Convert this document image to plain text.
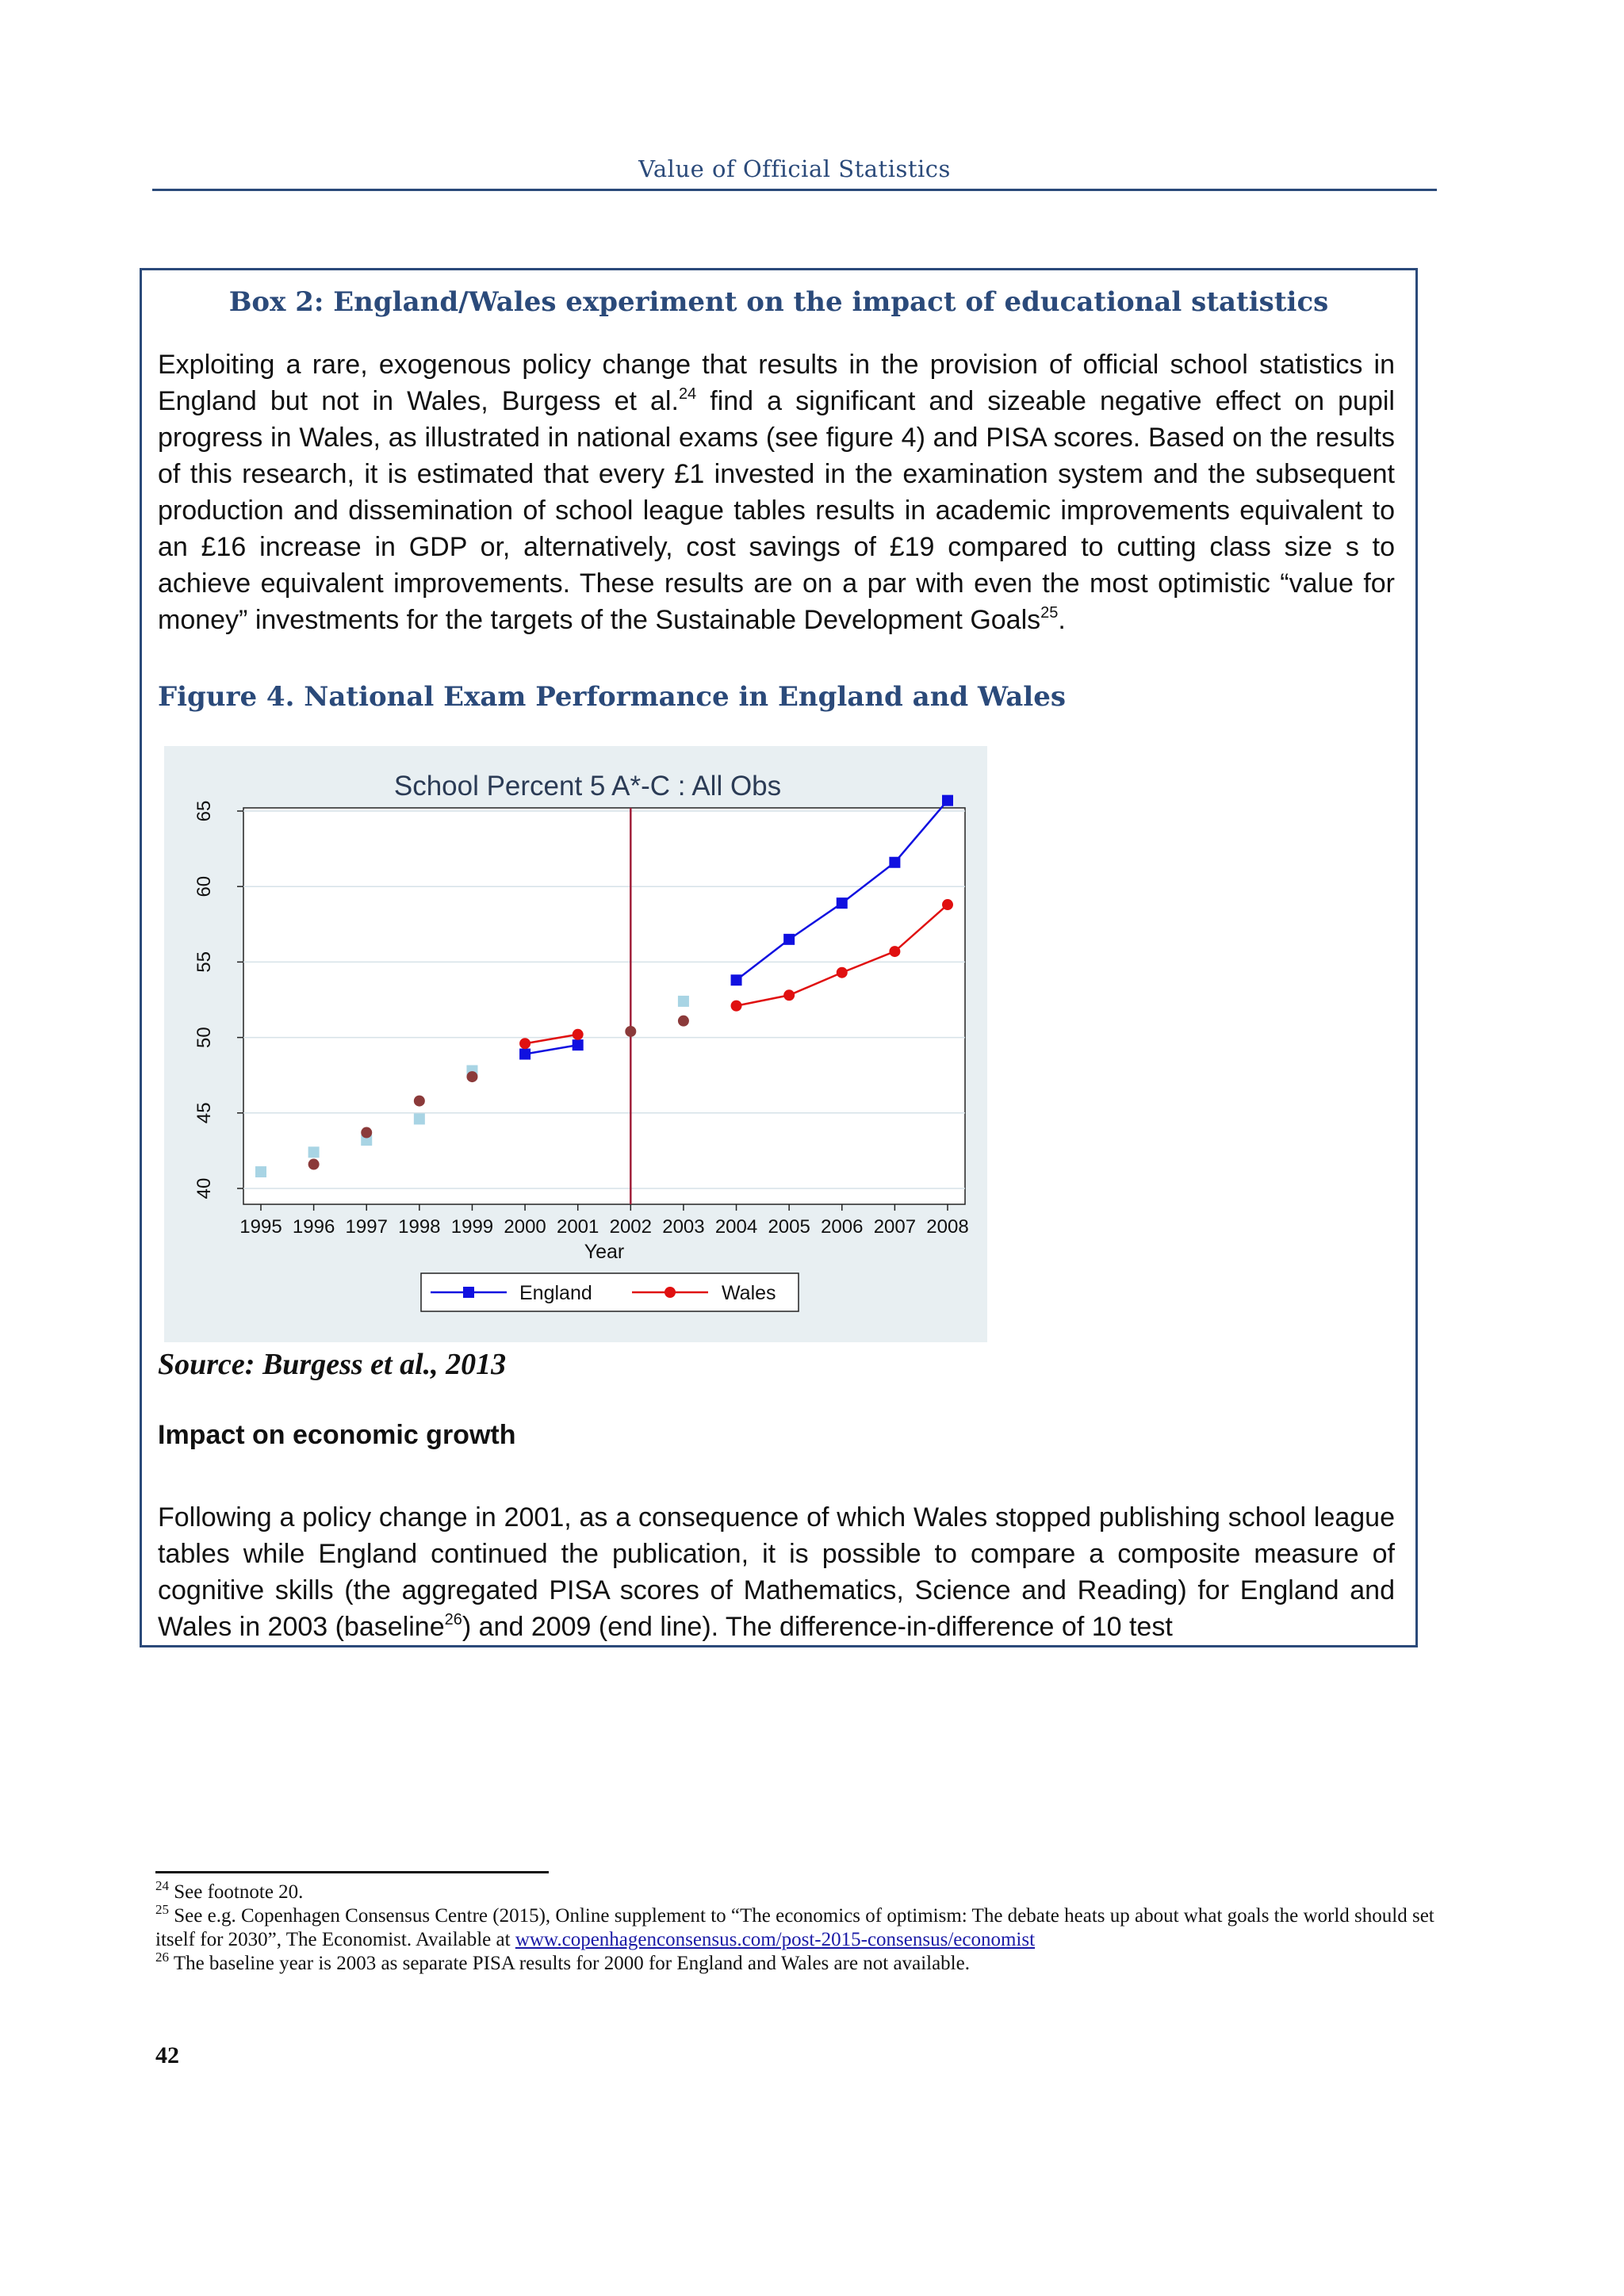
Value of Official Statistics
Box 2: England/Wales experiment on the impact of educational statistics
Exploiting a rare, exogenous policy change that results in the provision of official school statistics in England but not in Wales, Burgess et al.$^{24}$ find a significant and sizeable negative effect on pupil progress in Wales, as illustrated in national exams (see figure 4) and PISA scores. Based on the results of this research, it is estimated that every £1 invested in the examination system and the subsequent production and dissemination of school league tables results in academic improvements equivalent to an £16 increase in GDP or, alternatively, cost savings of £19 compared to cutting class size s to achieve equivalent improvements. These results are on a par with even the most optimistic “value for money” investments for the targets of the Sustainable Development Goals$^{25}$.
Figure 4. National Exam Performance in England and Wales
School Percent 5 A*-C : All Obs
40
45
50
55
60
65
1995 1996 1997 1998 1999 2000 2001 2002 2003 2004 2005 2006 2007 2008
Year
England	Wales
Source: Burgess et al., 2013
Impact on economic growth
Following a policy change in 2001, as a consequence of which Wales stopped publishing school league tables while England continued the publication, it is possible to compare a composite measure of cognitive skills (the aggregated PISA scores of Mathematics, Science and Reading) for England and Wales in 2003 (baseline$^{26}$) and 2009 (end line). The difference-in-difference of 10 test
$^{24}$ See footnote 20.
$^{25}$ See e.g. Copenhagen Consensus Centre (2015), Online supplement to “The economics of optimism: The debate heats up about what goals the world should set itself for 2030”, The Economist. Available at www.copenhagenconsensus.com/post-2015-consensus/economist
$^{26}$ The baseline year is 2003 as separate PISA results for 2000 for England and Wales are not available.
42
